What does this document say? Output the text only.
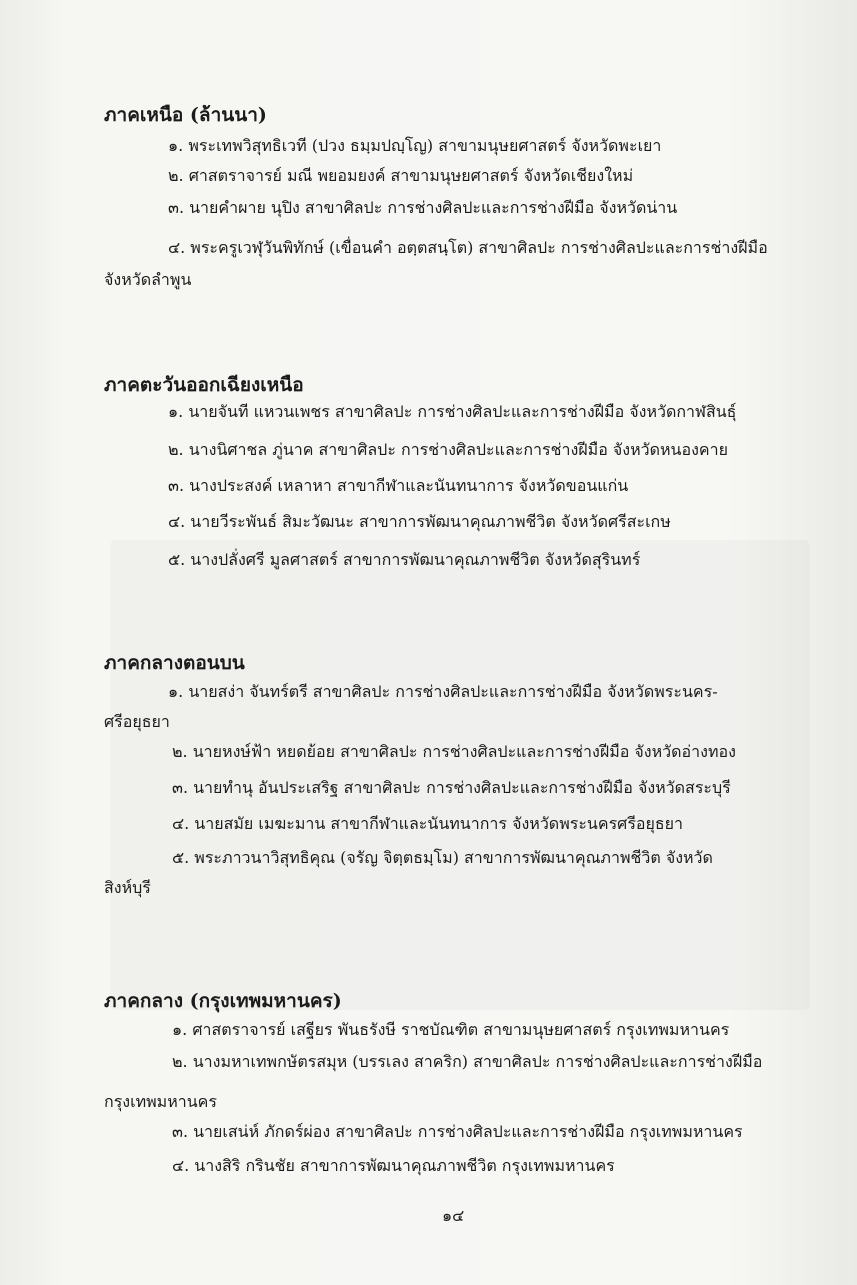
ภาคเหนือ (ล้านนา)

๑. พระเทพวิสุทธิเวที (ปวง ธมฺมปญฺโญ) สาขามนุษยศาสตร์ จังหวัดพะเยา

๒. ศาสตราจารย์ มณี พยอมยงค์ สาขามนุษยศาสตร์ จังหวัดเชียงใหม่

๓. นายคำผาย นุปิง สาขาศิลปะ การช่างศิลปะและการช่างฝีมือ จังหวัดน่าน

๔. พระครูเวฬุวันพิทักษ์ (เขื่อนคำ อตฺตสนฺโต) สาขาศิลปะ การช่างศิลปะและการช่างฝีมือ

จังหวัดลำพูน

ภาคตะวันออกเฉียงเหนือ

๑. นายจันที แหวนเพชร สาขาศิลปะ การช่างศิลปะและการช่างฝีมือ จังหวัดกาฬสินธุ์

๒. นางนิศาชล ภู่นาค สาขาศิลปะ การช่างศิลปะและการช่างฝีมือ จังหวัดหนองคาย

๓. นางประสงค์ เหลาหา สาขากีฬาและนันทนาการ จังหวัดขอนแก่น

๔. นายวีระพันธ์ สิมะวัฒนะ สาขาการพัฒนาคุณภาพชีวิต จังหวัดศรีสะเกษ

๕. นางปลั่งศรี มูลศาสตร์ สาขาการพัฒนาคุณภาพชีวิต จังหวัดสุรินทร์

ภาคกลางตอนบน

๑. นายสง่า จันทร์ตรี สาขาศิลปะ การช่างศิลปะและการช่างฝีมือ จังหวัดพระนคร-

ศรีอยุธยา

๒. นายหงษ์ฟ้า หยดย้อย สาขาศิลปะ การช่างศิลปะและการช่างฝีมือ จังหวัดอ่างทอง

๓. นายทำนุ อันประเสริฐ สาขาศิลปะ การช่างศิลปะและการช่างฝีมือ จังหวัดสระบุรี

๔. นายสมัย เมฆะมาน สาขากีฬาและนันทนาการ จังหวัดพระนครศรีอยุธยา

๕. พระภาวนาวิสุทธิคุณ (จรัญ จิตฺตธมฺโม) สาขาการพัฒนาคุณภาพชีวิต จังหวัด

สิงห์บุรี

ภาคกลาง (กรุงเทพมหานคร)

๑. ศาสตราจารย์ เสฐียร พันธรังษี ราชบัณฑิต สาขามนุษยศาสตร์ กรุงเทพมหานคร

๒. นางมหาเทพกษัตรสมุห (บรรเลง สาคริก) สาขาศิลปะ การช่างศิลปะและการช่างฝีมือ

กรุงเทพมหานคร

๓. นายเสน่ห์ ภักดร์ผ่อง สาขาศิลปะ การช่างศิลปะและการช่างฝีมือ กรุงเทพมหานคร

๔. นางสิริ กรินชัย สาขาการพัฒนาคุณภาพชีวิต กรุงเทพมหานคร

๑๔
